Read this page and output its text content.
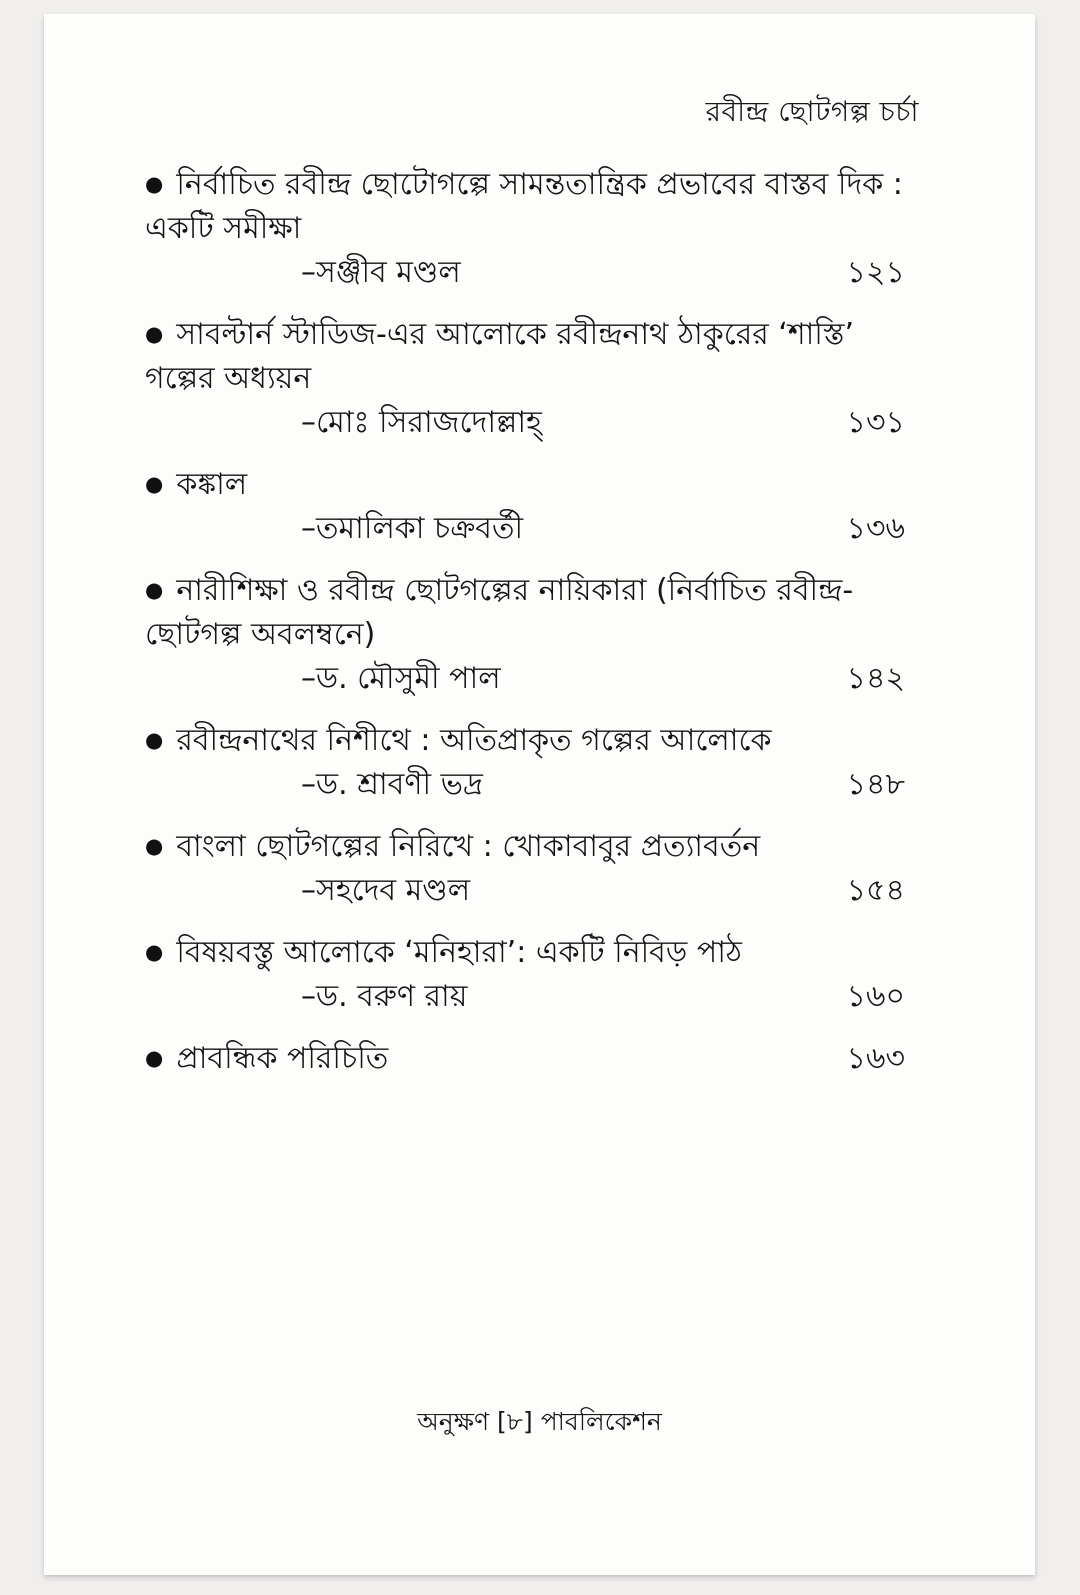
রবীন্দ্র ছোটগল্প চর্চা
● নির্বাচিত রবীন্দ্র ছোটোগল্পে সামন্ততান্ত্রিক প্রভাবের বাস্তব দিক : একটি সমীক্ষা
–সঞ্জীব মণ্ডল	১২১
● সাবল্টার্ন স্টাডিজ-এর আলোকে রবীন্দ্রনাথ ঠাকুরের ‘শাস্তি’ গল্পের অধ্যয়ন
–মোঃ সিরাজদোল্লাহ্	১৩১
● কঙ্কাল
–তমালিকা চক্রবর্তী	১৩৬
● নারীশিক্ষা ও রবীন্দ্র ছোটগল্পের নায়িকারা (নির্বাচিত রবীন্দ্র-ছোটগল্প অবলম্বনে)
–ড. মৌসুমী পাল	১৪২
● রবীন্দ্রনাথের নিশীথে : অতিপ্রাকৃত গল্পের আলোকে
–ড. শ্রাবণী ভদ্র	১৪৮
● বাংলা ছোটগল্পের নিরিখে : খোকাবাবুর প্রত্যাবর্তন
–সহদেব মণ্ডল	১৫৪
● বিষয়বস্তু আলোকে ‘মনিহারা’: একটি নিবিড় পাঠ
–ড. বরুণ রায়	১৬০
● প্রাবন্ধিক পরিচিতি	১৬৩
অনুক্ষণ [৮] পাবলিকেশন
